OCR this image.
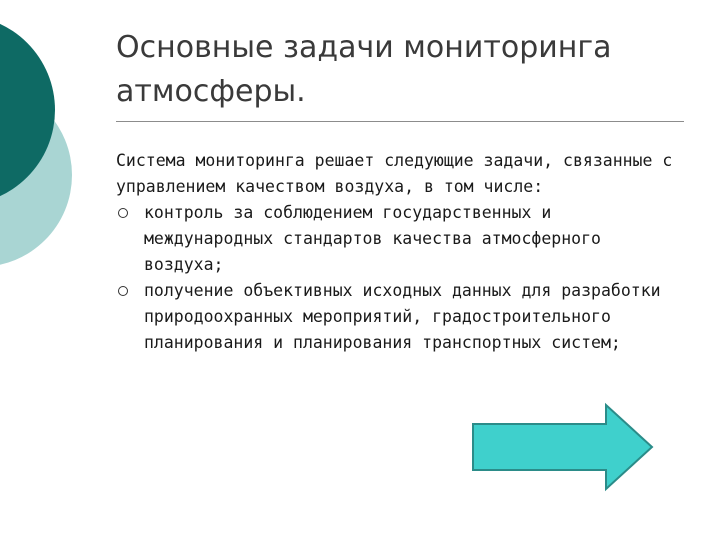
Основные задачи мониторинга
атмосферы.

Система мониторинга решает следующие задачи, связанные с управлением качеством воздуха, в том числе:

контроль за соблюдением государственных и международных стандартов качества атмосферного воздуха;
получение объективных исходных данных для разработки природоохранных мероприятий, градостроительного планирования и планирования транспортных систем;
